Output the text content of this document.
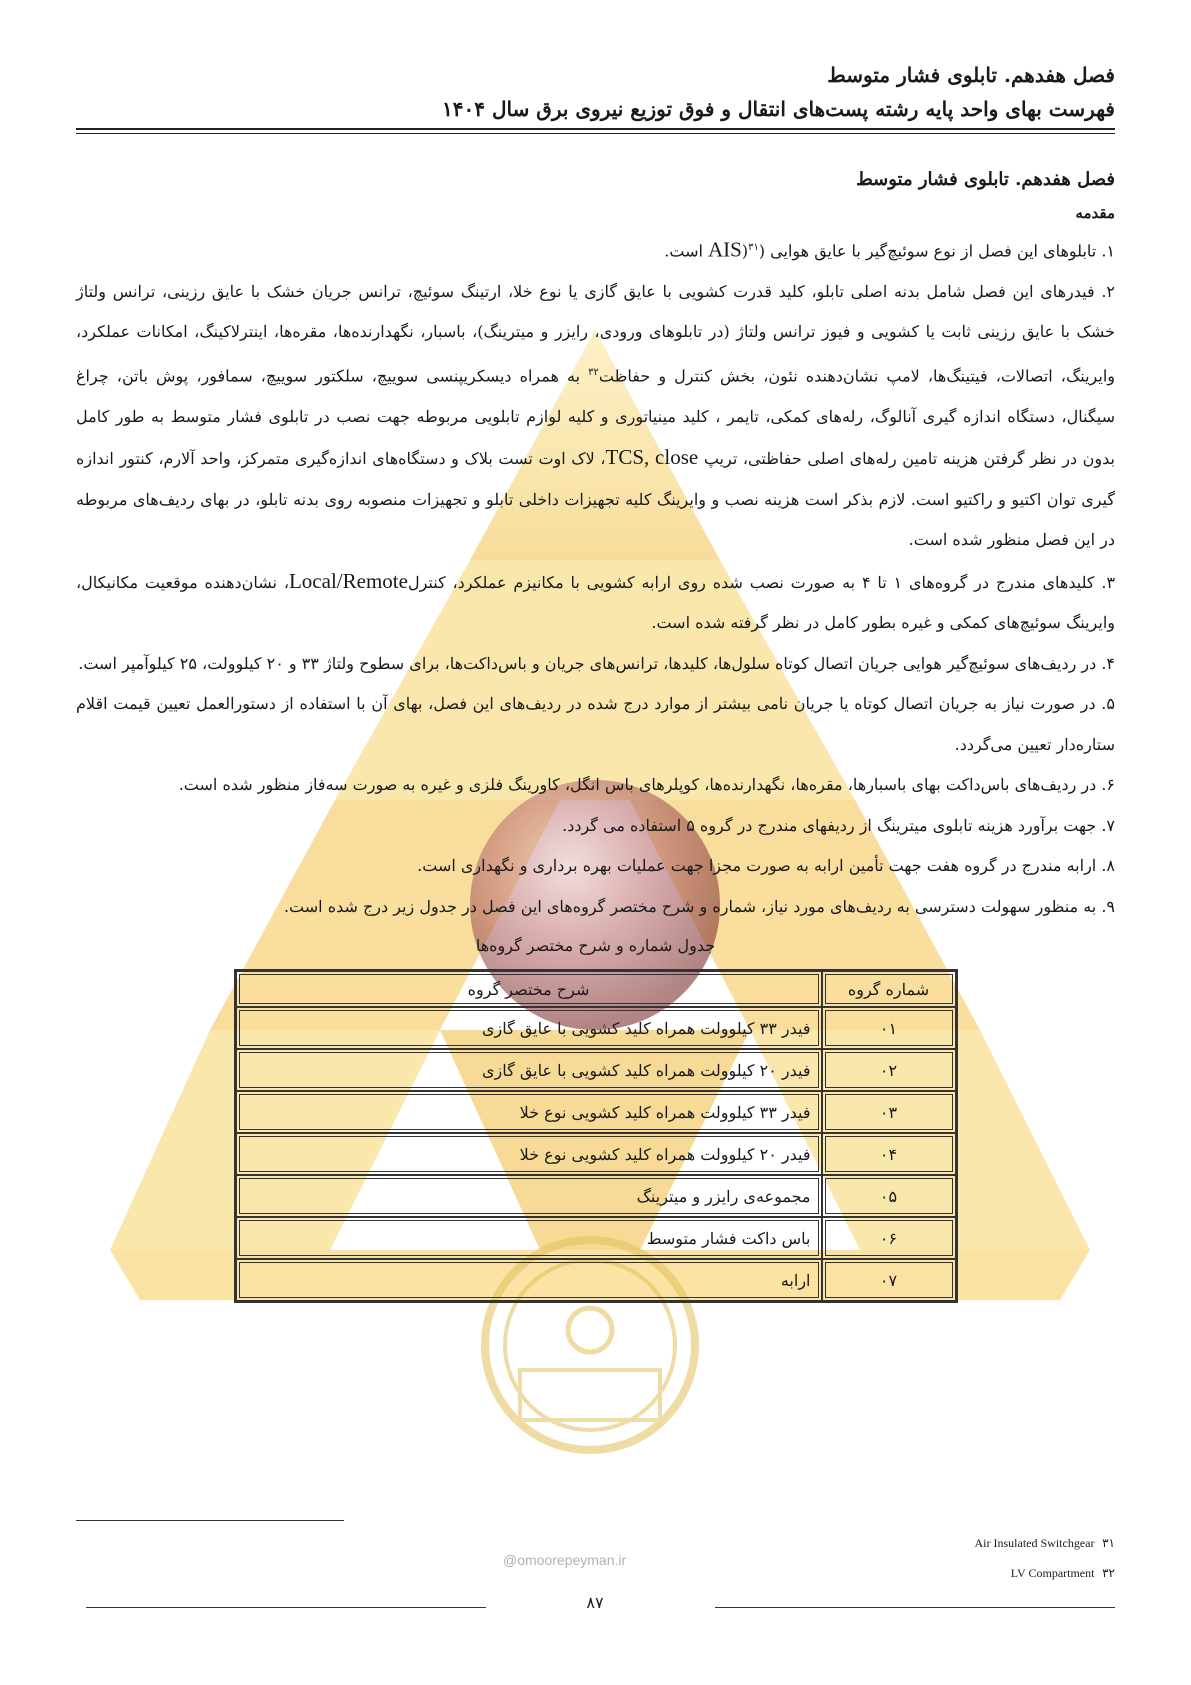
فصل هفدهم. تابلوی فشار متوسط
فهرست بهای واحد پایه رشته پست‌های انتقال و فوق توزیع نیروی برق سال ۱۴۰۴
فصل هفدهم. تابلوی فشار متوسط
مقدمه

۱. تابلوهای این فصل از نوع سوئیچ‌گیر با عایق هوایی (AIS)$^{۳۱}$ است.

۲. فیدرهای این فصل شامل بدنه اصلی تابلو، کلید قدرت کشویی با عایق گازی یا نوع خلا، ارتینگ سوئیچ، ترانس جریان خشک با عایق رزینی، ترانس ولتاژ خشک با عایق رزینی ثابت یا کشویی و فیوز ترانس ولتاژ (در تابلوهای ورودی، رایزر و میترینگ)، باسبار، نگهدارنده‌ها، مقره‌ها، اینترلاکینگ، امکانات عملکرد، وایرینگ، اتصالات، فیتینگ‌ها، لامپ نشان‌دهنده نئون، بخش کنترل و حفاظت$^{۳۲}$ به همراه دیسکریپنسی سوییچ، سلکتور سوییچ، سمافور، پوش باتن، چراغ سیگنال، دستگاه اندازه گیری آنالوگ، رله‌های کمکی، تایمر ، کلید مینیاتوری و کلیه لوازم تابلویی مربوطه جهت نصب در تابلوی فشار متوسط به طور کامل بدون در نظر گرفتن هزینه تامین رله‌های اصلی حفاظتی، تریپ TCS, close، لاک اوت تست بلاک و دستگاه‌های اندازه‌گیری متمرکز، واحد آلارم، کنتور اندازه گیری توان اکتیو و راکتیو است. لازم بذکر است هزینه نصب و وایرینگ کلیه تجهیزات داخلی تابلو و تجهیزات منصوبه روی بدنه تابلو، در بهای ردیف‌های مربوطه در این فصل منظور شده است.

۳. کلیدهای مندرج در گروه‌های ۱ تا ۴ به صورت نصب شده روی ارابه کشویی با مکانیزم عملکرد، کنترلLocal/Remote، نشان‌دهنده موقعیت مکانیکال، وایرینگ سوئیچ‌های کمکی و غیره بطور کامل در نظر گرفته شده است.

۴. در ردیف‌های سوئیچ‌گیر هوایی جریان اتصال کوتاه سلول‌ها، کلیدها، ترانس‌های جریان و باس‌داکت‌ها، برای سطوح ولتاژ ۳۳ و ۲۰ کیلوولت، ۲۵ کیلوآمپر است.

۵. در صورت نیاز به جریان اتصال کوتاه یا جریان نامی بیشتر از موارد درج شده در ردیف‌های این فصل، بهای آن با استفاده از دستورالعمل تعیین قیمت اقلام ستاره‌دار تعیین می‌گردد.

۶. در ردیف‌های باس‌داکت بهای باسبارها، مقره‌ها، نگهدارنده‌ها، کوپلرهای باس انگل، کاورینگ فلزی و غیره به صورت سه‌فاز منظور شده است.

۷. جهت برآورد هزینه تابلوی میترینگ از ردیفهای مندرج در گروه ۵ استفاده می گردد.

۸. ارابه مندرج در گروه هفت جهت تأمین ارابه به صورت مجزا جهت عملیات بهره برداری و نگهداری است.

۹. به منظور سهولت دسترسی به ردیف‌های مورد نیاز، شماره و شرح مختصر گروه‌های این فصل در جدول زیر درج شده است.

جدول شماره و شرح مختصر گروه‌ها
شماره گروه	شرح مختصر گروه
۰۱	فیدر ۳۳ کیلوولت همراه کلید کشویی با عایق گازی
۰۲	فیدر ۲۰ کیلوولت همراه کلید کشویی با عایق گازی
۰۳	فیدر ۳۳ کیلوولت همراه کلید کشویی نوع خلا
۰۴	فیدر ۲۰ کیلوولت همراه کلید کشویی نوع خلا
۰۵	مجموعه‌ی رایزر و میترینگ
۰۶	باس داکت فشار متوسط
۰۷	ارابه
۳۱  Air Insulated Switchgear
۳۲  LV Compartment
@omoorepeyman.ir
۸۷
